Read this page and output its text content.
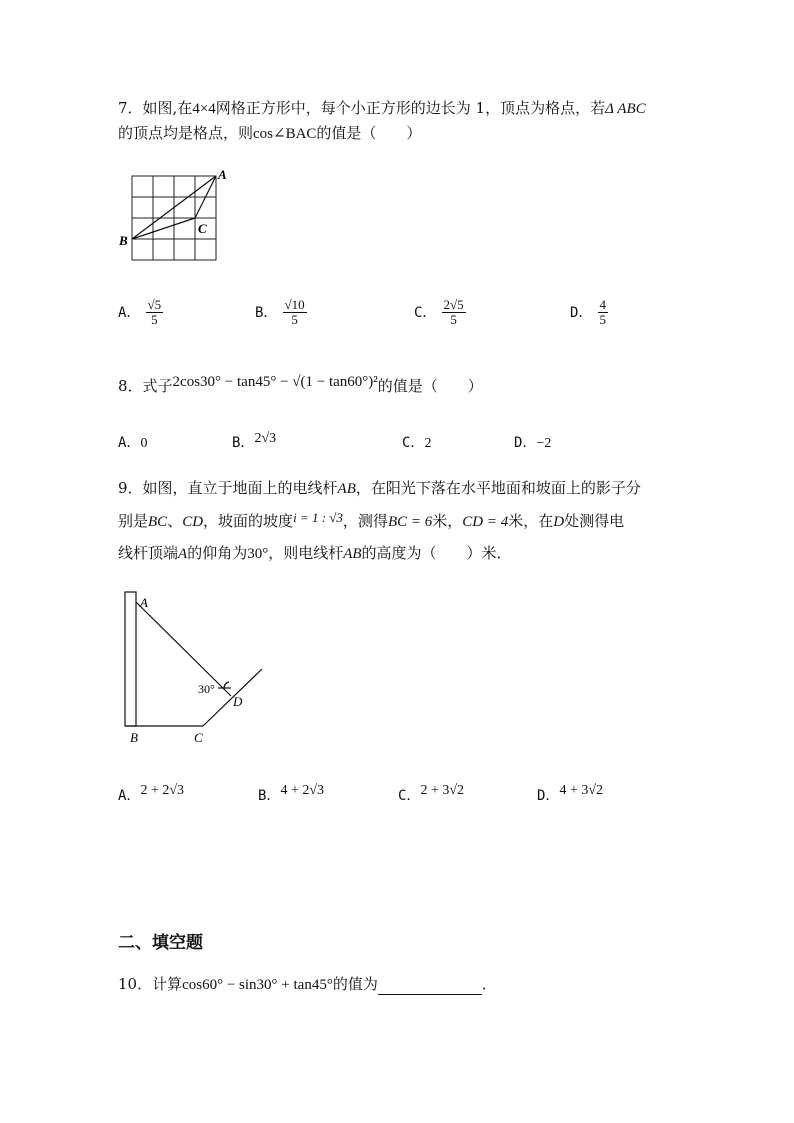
7．如图,在4×4网格正方形中，每个小正方形的边长为 1，顶点为格点，若Δ ABC
的顶点均是格点，则cos∠BAC的值是（　　）
A
B
C
A． $\frac{√5}{5}$	B． $\frac{√10}{5}$	C． $\frac{2√5}{5}$	D． $\frac{4}{5}$
8．式子2cos30° − tan45° − √(1 − tan60°)²的值是（　　）
A．0	B．2√3	C．2	D．−2
9．如图，直立于地面上的电线杆AB，在阳光下落在水平地面和坡面上的影子分
别是BC、CD，坡面的坡度i = 1 : √3，测得BC = 6米，CD = 4米，在D处测得电
线杆顶端A的仰角为30°，则电线杆AB的高度为（　　）米．
A
B	C
D
30°
A．2 + 2√3	B．4 + 2√3	C．2 + 3√2	D．4 + 3√2
二、填空题
10．计算cos60° − sin30° + tan45°的值为	．
